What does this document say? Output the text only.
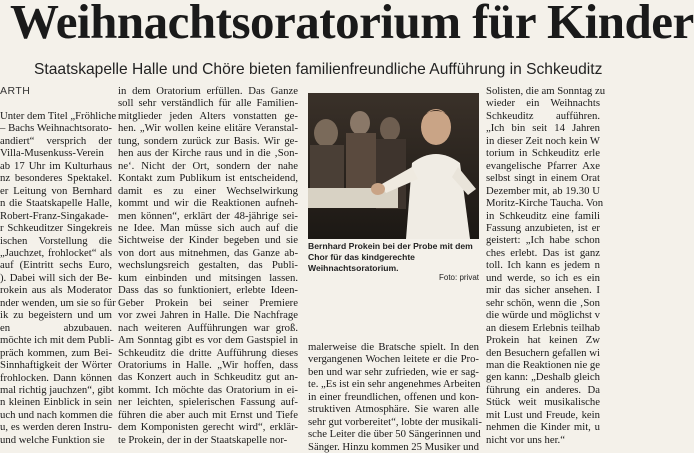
Weihnachtsoratorium für Kinder
Staatskapelle Halle und Chöre bieten familienfreundliche Aufführung in Schkeuditz
ARTH
Unter dem Titel „Fröhliche
– Bachs Weihnachtsorato-
andiert“ versprich der
Villa-Musenkuss-Verein
ab 17 Uhr im Kulturhaus
nz besonderes Spektakel.
er Leitung von Bernhard
n die Staatskapelle Halle,
Robert-Franz-Singakade-
r Schkeuditzer Singekreis
ischen Vorstellung die
„Jauchzet, frohlocket“ als
auf (Eintritt sechs Euro,
). Dabei will sich der Be-
rokein aus als Moderator
nder wenden, um sie so für
ik zu begeistern und um
en abzubauen.
möchte ich mit dem Publi-
präch kommen, zum Bei-
Sinnhaftigkeit der Wörter
frohlocken. Dann können
mal richtig jauchzen“, gibt
n kleinen Einblick in sein
uch und nach kommen die
u, es werden deren Instru-
und welche Funktion sie
in dem Oratorium erfüllen. Das Ganze
soll sehr verständlich für alle Familien-
mitglieder jeden Alters vonstatten ge-
hen. „Wir wollen keine elitäre Veranstal-
tung, sondern zurück zur Basis. Wir ge-
hen aus der Kirche raus und in die ‚Son-
ne‘. Nicht der Ort, sondern der nahe
Kontakt zum Publikum ist entscheidend,
damit es zu einer Wechselwirkung
kommt und wir die Reaktionen aufneh-
men können“, erklärt der 48-jährige sei-
ne Idee. Man müsse sich auch auf die
Sichtweise der Kinder begeben und sie
von dort aus mitnehmen, das Ganze ab-
wechslungsreich gestalten, das Publi-
kum einbinden und mitsingen lassen.
Dass das so funktioniert, erlebte Ideen-
Geber Prokein bei seiner Premiere
vor zwei Jahren in Halle. Die Nachfrage
nach weiteren Aufführungen war groß.
Am Sonntag gibt es vor dem Gastspiel in
Schkeuditz die dritte Aufführung dieses
Oratoriums in Halle. „Wir hoffen, dass
das Konzert auch in Schkeuditz gut an-
kommt. Ich möchte das Oratorium in ei-
ner leichten, spielerischen Fassung auf-
führen die aber auch mit Ernst und Tiefe
dem Komponisten gerecht wird“, erklär-
te Prokein, der in der Staatskapelle nor-
Bernhard Prokein bei der Probe mit dem Chor für das kindgerechte Weihnachtsoratorium.
Foto: privat
malerweise die Bratsche spielt. In den
vergangenen Wochen leitete er die Pro-
ben und war sehr zufrieden, wie er sag-
te. „Es ist ein sehr angenehmes Arbeiten
in einer freundlichen, offenen und kon-
struktiven Atmosphäre. Sie waren alle
sehr gut vorbereitet“, lobte der musikali-
sche Leiter die über 50 Sängerinnen und
Sänger. Hinzu kommen 25 Musiker und
Solisten, die am Sonntag zu
wieder ein Weihnachts
Schkeuditz aufführen.
„Ich bin seit 14 Jahren
in dieser Zeit noch kein W
torium in Schkeuditz erle
evangelische Pfarrer Axe
selbst singt in einem Orat
Dezember mit, ab 19.30 U
Moritz-Kirche Taucha. Von
in Schkeuditz eine famili
Fassung anzubieten, ist er
geistert: „Ich habe schon
ches erlebt. Das ist ganz
toll. Ich kann es jedem n
und werde, so ich es ein
mir das sicher ansehen. I
sehr schön, wenn die ‚Son
die würde und möglichst v
an diesem Erlebnis teilhab
Prokein hat keinen Zw
den Besuchern gefallen wi
man die Reaktionen nie ge
gen kann: „Deshalb gleich
führung ein anderes. Da
Stück weit musikalische
mit Lust und Freude, kein
nehmen die Kinder mit, u
nicht vor uns her.“
